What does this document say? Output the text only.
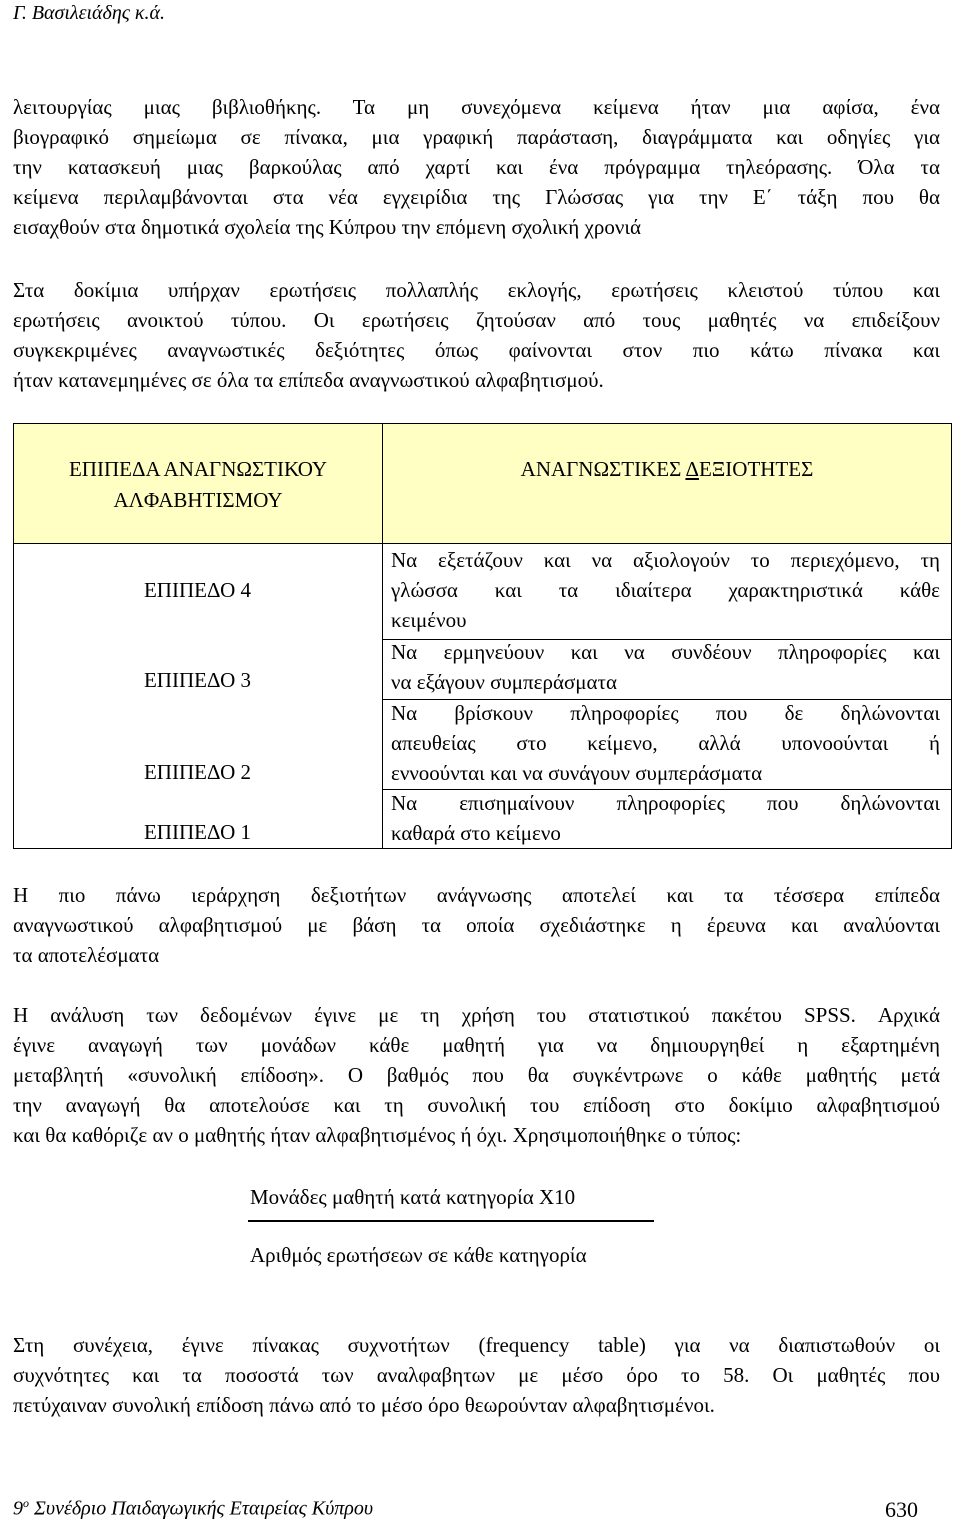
Γ. Βασιλειάδης κ.ά.
λειτουργίας μιας βιβλιοθήκης. Τα μη συνεχόμενα κείμενα ήταν μια αφίσα, ένα
βιογραφικό σημείωμα σε πίνακα, μια γραφική παράσταση, διαγράμματα και οδηγίες για
την κατασκευή μιας βαρκούλας από χαρτί και ένα πρόγραμμα τηλεόρασης. Όλα τα
κείμενα περιλαμβάνονται στα νέα εγχειρίδια της Γλώσσας για την Ε΄ τάξη που θα
εισαχθούν στα δημοτικά σχολεία της Κύπρου την επόμενη σχολική χρονιά
Στα δοκίμια υπήρχαν ερωτήσεις πολλαπλής εκλογής, ερωτήσεις κλειστού τύπου και
ερωτήσεις ανοικτού τύπου. Οι ερωτήσεις ζητούσαν από τους μαθητές να επιδείξουν
συγκεκριμένες αναγνωστικές δεξιότητες όπως φαίνονται στον πιο κάτω πίνακα και
ήταν κατανεμημένες σε όλα τα επίπεδα αναγνωστικού αλφαβητισμού.
ΕΠΙΠΕΔΑ ΑΝΑΓΝΩΣΤΙΚΟΥ
ΑΛΦΑΒΗΤΙΣΜΟΥ
ΑΝΑΓΝΩΣΤΙΚΕΣ ΔΕΞΙΟΤΗΤΕΣ
ΕΠΙΠΕΔΟ 4
ΕΠΙΠΕΔΟ 3
ΕΠΙΠΕΔΟ 2
ΕΠΙΠΕΔΟ 1
Να εξετάζουν και να αξιολογούν το περιεχόμενο, τη
γλώσσα και τα ιδιαίτερα χαρακτηριστικά κάθε
κειμένου
Να ερμηνεύουν και να συνδέουν πληροφορίες και
να εξάγουν συμπεράσματα
Να βρίσκουν πληροφορίες που δε δηλώνονται
απευθείας στο κείμενο, αλλά υπονοούνται ή
εννοούνται και να συνάγουν συμπεράσματα
Να επισημαίνουν πληροφορίες που δηλώνονται
καθαρά στο κείμενο
Η πιο πάνω ιεράρχηση δεξιοτήτων ανάγνωσης αποτελεί και τα τέσσερα επίπεδα
αναγνωστικού αλφαβητισμού με βάση τα οποία σχεδιάστηκε η έρευνα και αναλύονται
τα αποτελέσματα
Η ανάλυση των δεδομένων έγινε με τη χρήση του στατιστικού πακέτου SPSS. Αρχικά
έγινε αναγωγή των μονάδων κάθε μαθητή για να δημιουργηθεί η εξαρτημένη
μεταβλητή «συνολική επίδοση». Ο βαθμός που θα συγκέντρωνε ο κάθε μαθητής μετά
την αναγωγή θα αποτελούσε και τη συνολική του επίδοση στο δοκίμιο αλφαβητισμού
και θα καθόριζε αν ο μαθητής ήταν αλφαβητισμένος ή όχι. Χρησιμοποιήθηκε ο τύπος:
Μονάδες μαθητή κατά κατηγορία Χ10
Αριθμός ερωτήσεων σε κάθε κατηγορία
Στη συνέχεια, έγινε πίνακας συχνοτήτων (frequency table) για να διαπιστωθούν οι
συχνότητες και τα ποσοστά των αναλφαβητων με μέσο όρο το 58. Οι μαθητές που
πετύχαιναν συνολική επίδοση πάνω από το μέσο όρο θεωρούνταν αλφαβητισμένοι.
$9^o$ Συνέδριο Παιδαγωγικής Εταιρείας Κύπρου	630
